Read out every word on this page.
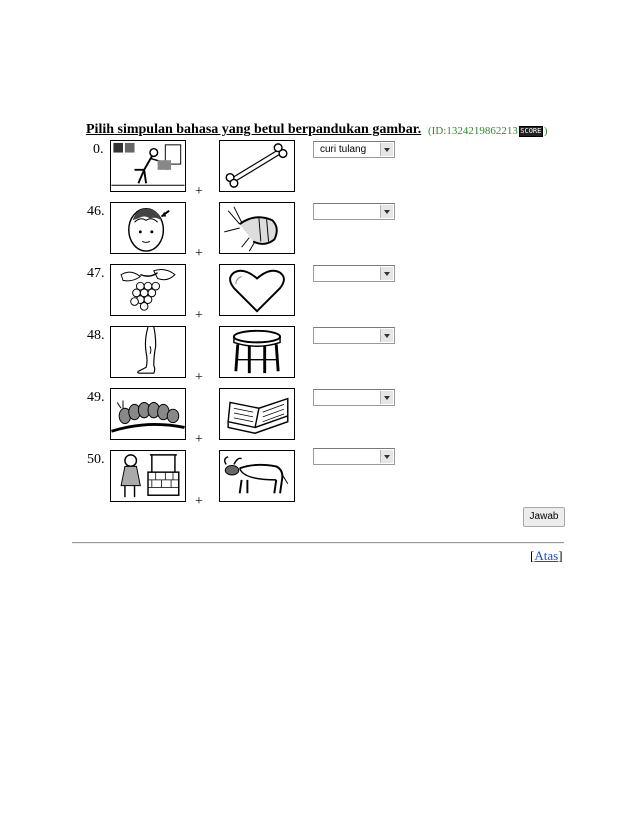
Pilih simpulan bahasa yang betul berpandukan gambar. (ID:1324219862213 SCORE )
0.
+
curi tulang
46.
+
47.
+
48.
+
49.
+
50.
+
Jawab
[Atas]
